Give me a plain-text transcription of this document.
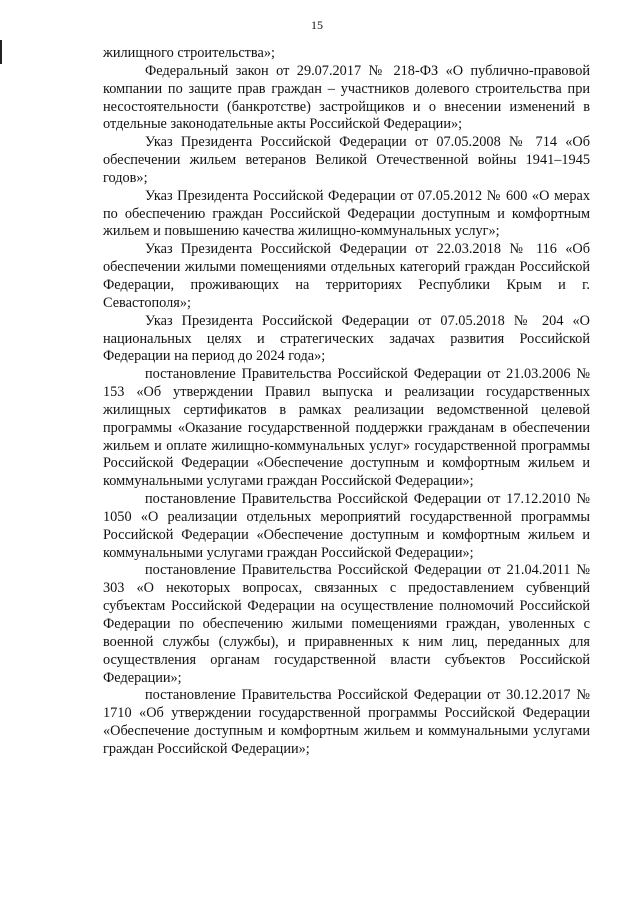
15

жилищного строительства»;

Федеральный закон от 29.07.2017 № 218-ФЗ «О публично-правовой компании по защите прав граждан – участников долевого строительства при несостоятельности (банкротстве) застройщиков и о внесении изменений в отдельные законодательные акты Российской Федерации»;

Указ Президента Российской Федерации от 07.05.2008 № 714 «Об обеспечении жильем ветеранов Великой Отечественной войны 1941–1945 годов»;

Указ Президента Российской Федерации от 07.05.2012 № 600 «О мерах по обеспечению граждан Российской Федерации доступным и комфортным жильем и повышению качества жилищно-коммунальных услуг»;

Указ Президента Российской Федерации от 22.03.2018 № 116 «Об обеспечении жилыми помещениями отдельных категорий граждан Российской Федерации, проживающих на территориях Республики Крым и г. Севастополя»;

Указ Президента Российской Федерации от 07.05.2018 № 204 «О национальных целях и стратегических задачах развития Российской Федерации на период до 2024 года»;

постановление Правительства Российской Федерации от 21.03.2006 № 153 «Об утверждении Правил выпуска и реализации государственных жилищных сертификатов в рамках реализации ведомственной целевой программы «Оказание государственной поддержки гражданам в обеспечении жильем и оплате жилищно-коммунальных услуг» государственной программы Российской Федерации «Обеспечение доступным и комфортным жильем и коммунальными услугами граждан Российской Федерации»;

постановление Правительства Российской Федерации от 17.12.2010 № 1050 «О реализации отдельных мероприятий государственной программы Российской Федерации «Обеспечение доступным и комфортным жильем и коммунальными услугами граждан Российской Федерации»;

постановление Правительства Российской Федерации от 21.04.2011 № 303 «О некоторых вопросах, связанных с предоставлением субвенций субъектам Российской Федерации на осуществление полномочий Российской Федерации по обеспечению жилыми помещениями граждан, уволенных с военной службы (службы), и приравненных к ним лиц, переданных для осуществления органам государственной власти субъектов Российской Федерации»;

постановление Правительства Российской Федерации от 30.12.2017 № 1710 «Об утверждении государственной программы Российской Федерации «Обеспечение доступным и комфортным жильем и коммунальными услугами граждан Российской Федерации»;
